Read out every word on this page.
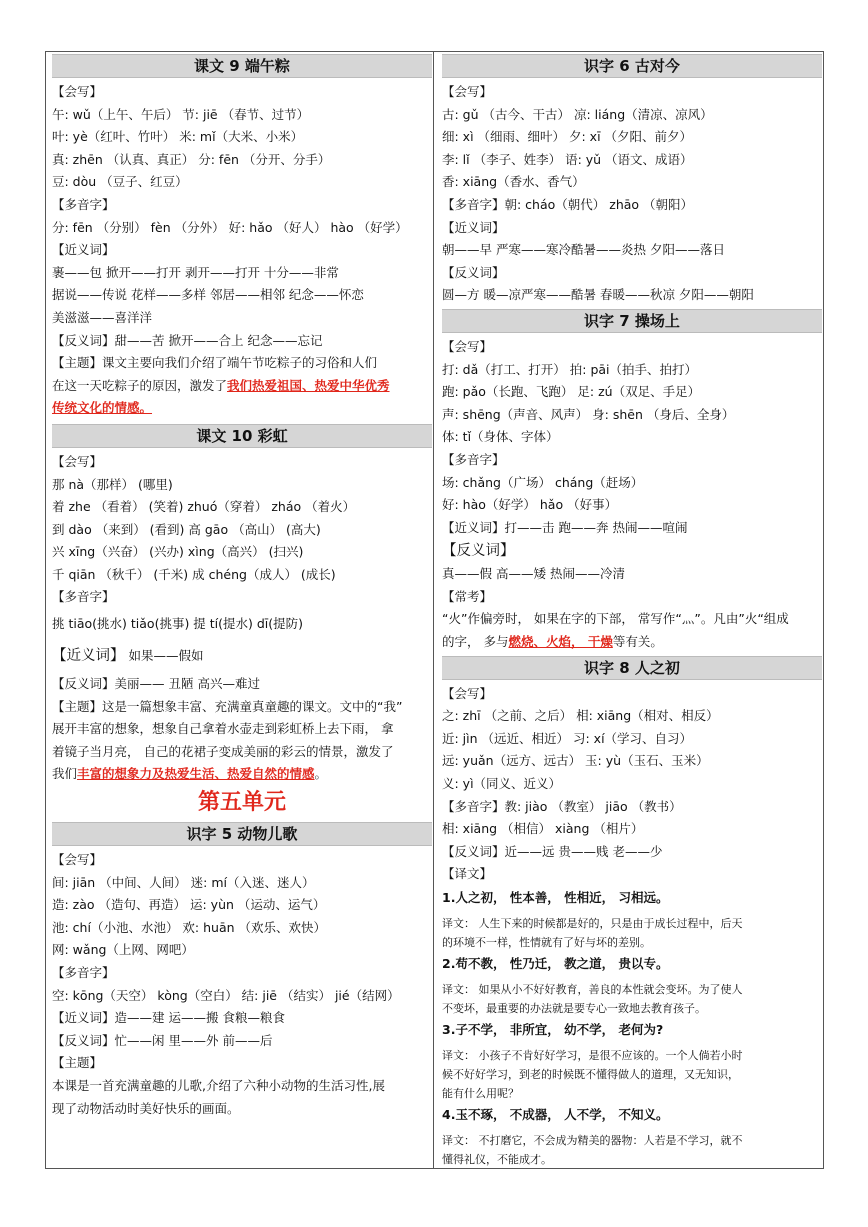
课文 9 端午粽
【会写】
午: wǔ（上午、午后） 节: jiē （春节、过节）
叶: yè（红叶、竹叶） 米: mǐ（大米、小米）
真: zhēn （认真、真正） 分: fēn （分开、分手）
豆: dòu （豆子、红豆）
【多音字】
分: fēn （分别） fèn （分外） 好: hǎo （好人） hào （好学）
【近义词】
裹——包 掀开——打开 剥开——打开 十分——非常
据说——传说 花样——多样 邻居——相邻 纪念——怀恋
美滋滋——喜洋洋
【反义词】甜——苦 掀开——合上 纪念——忘记
【主题】课文主要向我们介绍了端午节吃粽子的习俗和人们
在这一天吃粽子的原因，激发了我们热爱祖国、热爱中华优秀
传统文化的情感。
课文 10 彩虹
【会写】
那 nà（那样） (哪里)
着 zhe （看着） (笑着) zhuó（穿着） zháo （着火）
到 dào （来到） (看到) 高 gāo （高山） (高大)
兴 xīng（兴奋） (兴办) xìng（高兴） (扫兴)
千 qiān （秋千） (千米) 成 chéng（成人） (成长)
【多音字】
挑 tiāo(挑水) tiǎo(挑事) 提 tí(提水) dī(提防)
【近义词】 如果——假如
【反义词】美丽—— 丑陋 高兴—难过
【主题】这是一篇想象丰富、充满童真童趣的课文。文中的“我”
展开丰富的想象，想象自己拿着水壶走到彩虹桥上去下雨， 拿
着镜子当月亮， 自己的花裙子变成美丽的彩云的情景，激发了
我们丰富的想象力及热爱生活、热爱自然的情感。
第五单元
识字 5 动物儿歌
【会写】
间: jiān （中间、人间） 迷: mí（入迷、迷人）
造: zào （造句、再造） 运: yùn （运动、运气）
池: chí（小池、水池） 欢: huān （欢乐、欢快）
网: wǎng（上网、网吧）
【多音字】
空: kōng（天空） kòng（空白） 结: jiē （结实） jié（结网）
【近义词】造——建 运——搬 食粮—粮食
【反义词】忙——闲 里——外 前——后
【主题】
本课是一首充满童趣的儿歌,介绍了六种小动物的生活习性,展
现了动物活动时美好快乐的画面。
识字 6 古对今
【会写】
古: gǔ （古今、干古） 凉: liáng（清凉、凉风）
细: xì （细雨、细叶） 夕: xī （夕阳、前夕）
李: lǐ （李子、姓李） 语: yǔ （语文、成语）
香: xiāng（香水、香气）
【多音字】朝: cháo（朝代） zhāo （朝阳）
【近义词】
朝——早 严寒——寒冷酷暑——炎热 夕阳——落日
【反义词】
圆—方 暖—凉严寒——酷暑 春暖——秋凉 夕阳——朝阳
识字 7 操场上
【会写】
打: dǎ（打工、打开） 拍: pāi（拍手、拍打）
跑: pǎo（长跑、飞跑） 足: zú（双足、手足）
声: shēng（声音、风声） 身: shēn （身后、全身）
体: tǐ（身体、字体）
【多音字】
场: chǎng（广场） cháng（赶场）
好: hào（好学） hǎo （好事）
【近义词】打——击 跑——奔 热闹——喧闹
【反义词】
真——假 高——矮 热闹——冷清
【常考】
“火”作偏旁时， 如果在字的下部， 常写作“灬”。凡由”火“组成
的字， 多与燃烧、火焰， 干燥等有关。
识字 8 人之初
【会写】
之: zhī （之前、之后） 相: xiāng（相对、相反）
近: jìn （远近、相近） 习: xí（学习、自习）
远: yuǎn（远方、远古） 玉: yù（玉石、玉米）
义: yì（同义、近义）
【多音字】教: jiào （教室） jiāo （教书）
相: xiāng （相信） xiàng （相片）
【反义词】近——远 贵——贱 老——少
【译文】
1.人之初， 性本善， 性相近， 习相远。
译文： 人生下来的时候都是好的，只是由于成长过程中，后天
的环境不一样，性情就有了好与坏的差别。
2.苟不教， 性乃迁， 教之道， 贵以专。
译文： 如果从小不好好教育，善良的本性就会变坏。为了使人
不变坏，最重要的办法就是要专心一致地去教育孩子。
3.子不学， 非所宜， 幼不学， 老何为?
译文： 小孩子不肯好好学习，是很不应该的。一个人倘若小时
候不好好学习，到老的时候既不懂得做人的道理，又无知识，
能有什么用呢？
4.玉不琢， 不成器， 人不学， 不知义。
译文： 不打磨它，不会成为精美的器物：人若是不学习，就不
懂得礼仪，不能成才。
